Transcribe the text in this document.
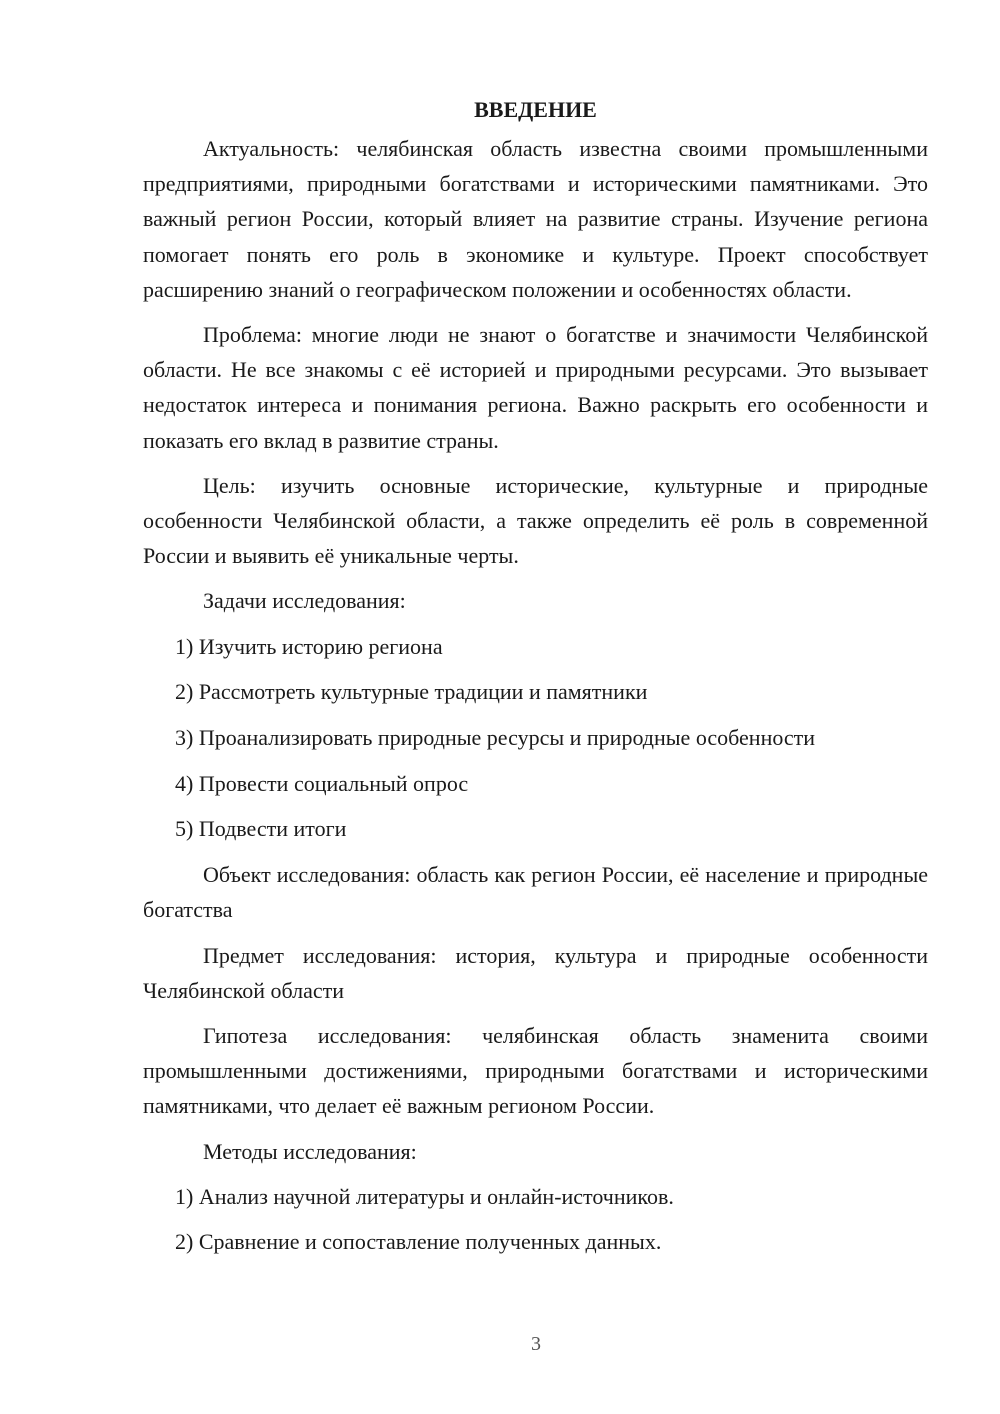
ВВЕДЕНИЕ

Актуальность: челябинская область известна своими промышленными предприятиями, природными богатствами и историческими памятниками. Это важный регион России, который влияет на развитие страны. Изучение региона помогает понять его роль в экономике и культуре. Проект способствует расширению знаний о географическом положении и особенностях области.

Проблема: многие люди не знают о богатстве и значимости Челябинской области. Не все знакомы с её историей и природными ресурсами. Это вызывает недостаток интереса и понимания региона. Важно раскрыть его особенности и показать его вклад в развитие страны.

Цель: изучить основные исторические, культурные и природные особенности Челябинской области, а также определить её роль в современной России и выявить её уникальные черты.

Задачи исследования:

1) Изучить историю региона
2) Рассмотреть культурные традиции и памятники
3) Проанализировать природные ресурсы и природные особенности
4) Провести социальный опрос
5) Подвести итоги

Объект исследования: область как регион России, её население и природные богатства

Предмет исследования: история, культура и природные особенности Челябинской области

Гипотеза исследования: челябинская область знаменита своими промышленными достижениями, природными богатствами и историческими памятниками, что делает её важным регионом России.

Методы исследования:

1) Анализ научной литературы и онлайн-источников.
2) Сравнение и сопоставление полученных данных.
3
